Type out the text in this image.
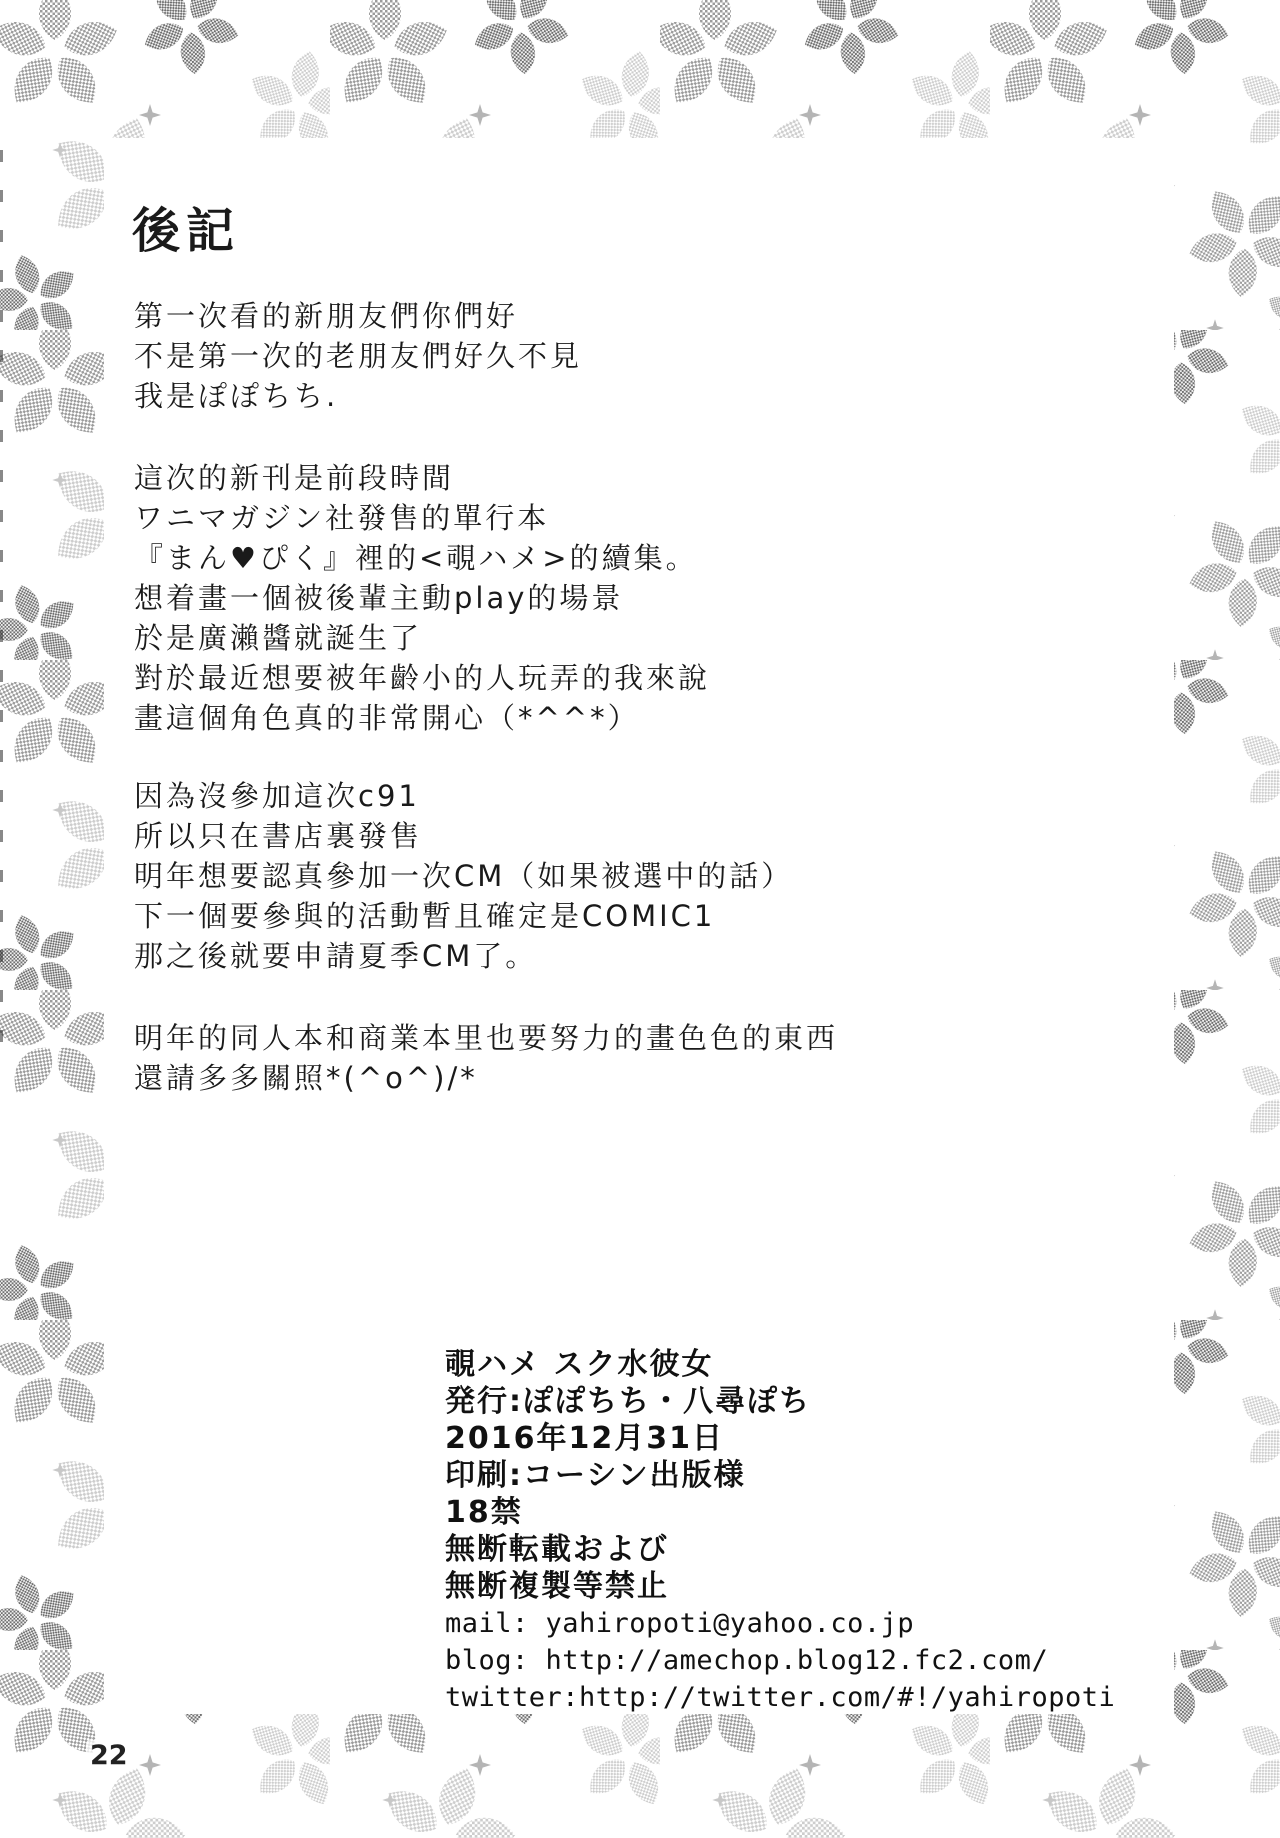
後記
第一次看的新朋友們你們好
不是第一次的老朋友們好久不見
我是ぽぽちち.
這次的新刊是前段時間
ワニマガジン社發售的單行本
『まん♥ぴく』裡的<覗ハメ>的續集。
想着畫一個被後輩主動play的場景
於是廣瀨醬就誕生了
對於最近想要被年齡小的人玩弄的我來說
畫這個角色真的非常開心（*^^*）
因為沒參加這次c91
所以只在書店裏發售
明年想要認真參加一次CM（如果被選中的話）
下一個要參與的活動暫且確定是COMIC1
那之後就要申請夏季CM了。
明年的同人本和商業本里也要努力的畫色色的東西
還請多多關照*(^o^)/*
覗ハメ スク水彼女
発行:ぽぽちち・八尋ぽち
2016年12月31日
印刷:コーシン出版様
18禁
無断転載および
無断複製等禁止
mail: yahiropoti@yahoo.co.jp
blog: http://amechop.blog12.fc2.com/
twitter:http://twitter.com/#!/yahiropoti
22
